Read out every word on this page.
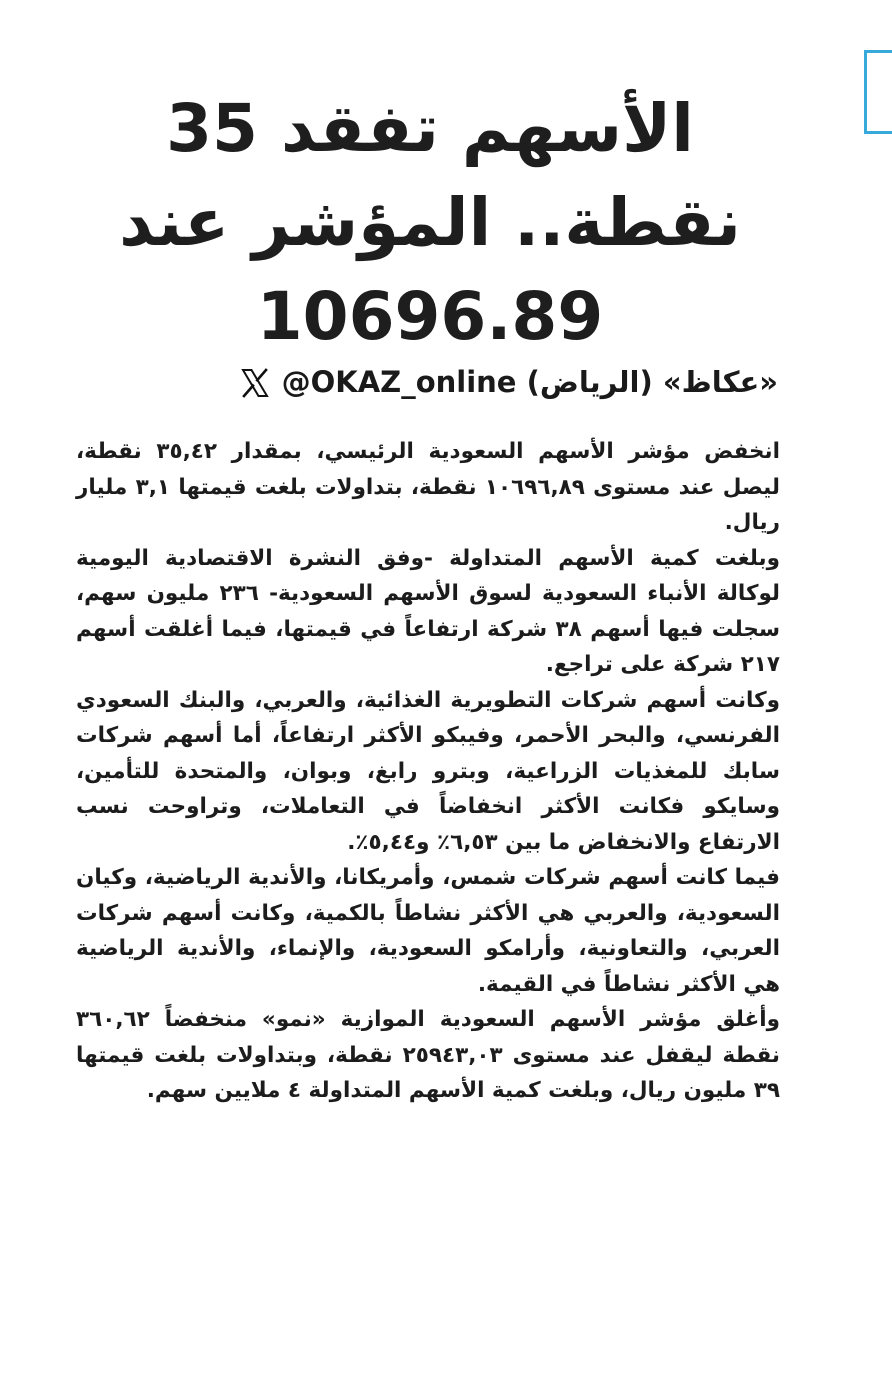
الأسهم تفقد 35
نقطة.. المؤشر عند
10696.89
«عكاظ» (الرياض) @OKAZ_online

انخفض مؤشر الأسهم السعودية الرئيسي، بمقدار ٣٥,٤٢ نقطة، ليصل عند مستوى ١٠٦٩٦,٨٩ نقطة، بتداولات بلغت قيمتها ٣,١ مليار ريال.

وبلغت كمية الأسهم المتداولة -وفق النشرة الاقتصادية اليومية لوكالة الأنباء السعودية لسوق الأسهم السعودية- ٢٣٦ مليون سهم، سجلت فيها أسهم ٣٨ شركة ارتفاعاً في قيمتها، فيما أغلقت أسهم ٢١٧ شركة على تراجع.

وكانت أسهم شركات التطويرية الغذائية، والعربي، والبنك السعودي الفرنسي، والبحر الأحمر، وفيبكو الأكثر ارتفاعاً، أما أسهم شركات سابك للمغذيات الزراعية، وبترو رابغ، وبوان، والمتحدة للتأمين، وسايكو فكانت الأكثر انخفاضاً في التعاملات، وتراوحت نسب الارتفاع والانخفاض ما بين ٦,٥٣٪ و٥,٤٤٪.

فيما كانت أسهم شركات شمس، وأمريكانا، والأندية الرياضية، وكيان السعودية، والعربي هي الأكثر نشاطاً بالكمية، وكانت أسهم شركات العربي، والتعاونية، وأرامكو السعودية، والإنماء، والأندية الرياضية هي الأكثر نشاطاً في القيمة.

وأغلق مؤشر الأسهم السعودية الموازية «نمو» منخفضاً ٣٦٠,٦٢ نقطة ليقفل عند مستوى ٢٥٩٤٣,٠٣ نقطة، وبتداولات بلغت قيمتها ٣٩ مليون ريال، وبلغت كمية الأسهم المتداولة ٤ ملايين سهم.
